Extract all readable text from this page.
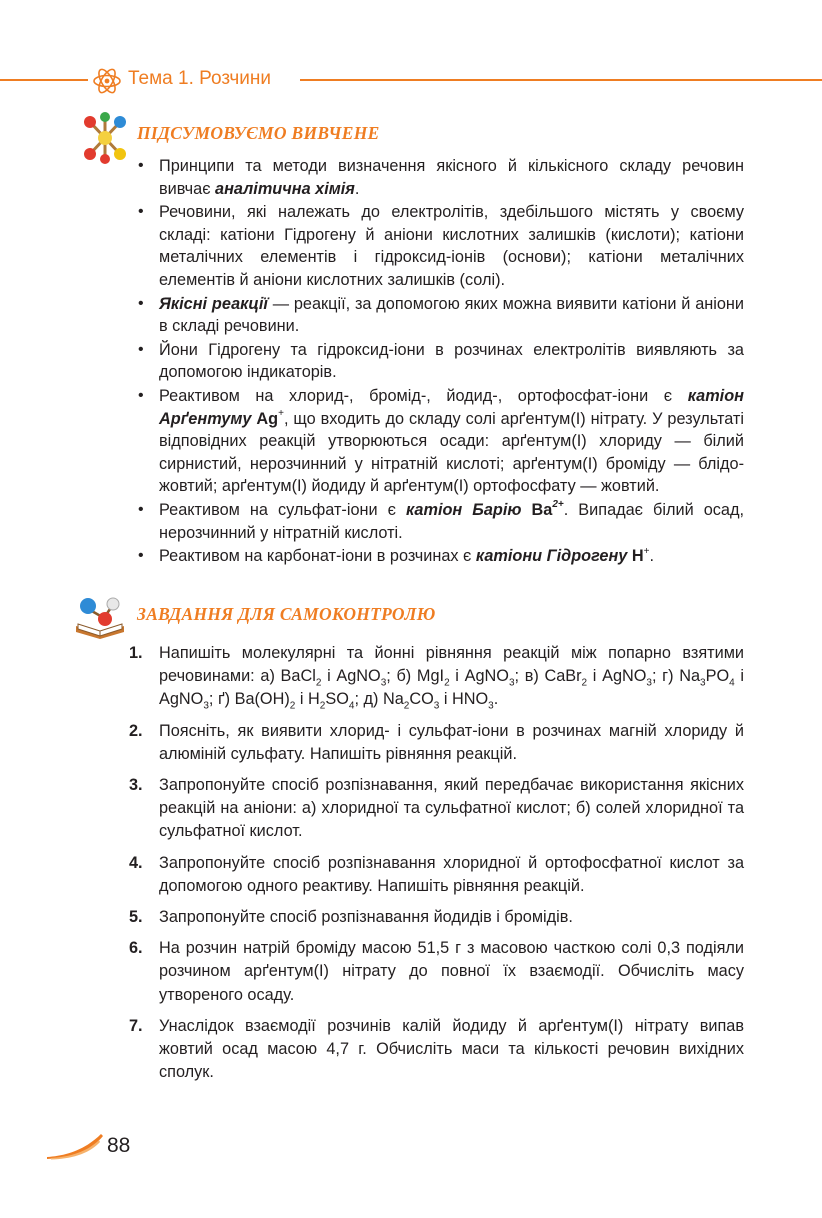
Тема 1. Розчини
ПІДСУМОВУЄМО ВИВЧЕНЕ
• Принципи та методи визначення якісного й кількісного складу речовин вивчає аналітична хімія.
• Речовини, які належать до електролітів, здебільшого містять у своєму складі: катіони Гідрогену й аніони кислотних залишків (кислоти); катіони металічних елементів і гідроксид-іонів (основи); катіони металічних елементів й аніони кислотних залишків (солі).
• Якісні реакції — реакції, за допомогою яких можна виявити катіони й аніони в складі речовини.
• Йони Гідрогену та гідроксид-іони в розчинах електролітів виявляють за допомогою індикаторів.
• Реактивом на хлорид-, бромід-, йодид-, ортофосфат-іони є катіон Арґентуму Ag+, що входить до складу солі арґентум(I) нітрату. У результаті відповідних реакцій утворюються осади: арґентум(I) хлориду — білий сирнистий, нерозчинний у нітратній кислоті; арґентум(I) броміду — блідо-жовтий; арґентум(I) йодиду й арґентум(I) ортофосфату — жовтий.
• Реактивом на сульфат-іони є катіон Барію $Ba^{2+}$. Випадає білий осад, нерозчинний у нітратній кислоті.
• Реактивом на карбонат-іони в розчинах є катіони Гідрогену H+.
ЗАВДАННЯ ДЛЯ САМОКОНТРОЛЮ
1. Напишіть молекулярні та йонні рівняння реакцій між попарно взятими речовинами: а) BaCl$_2$ і AgNO$_3$; б) MgI$_2$ і AgNO$_3$; в) CaBr$_2$ і AgNO$_3$; г) $Na_3PO_4$ і AgNO$_3$; ґ) $Ba(OH)_2$ і $H_2SO_4$; д) $Na_2CO_3$ і $HNO_3$.
2. Поясніть, як виявити хлорид- і сульфат-іони в розчинах магній хлориду й алюміній сульфату. Напишіть рівняння реакцій.
3. Запропонуйте спосіб розпізнавання, який передбачає використання якісних реакцій на аніони: а) хлоридної та сульфатної кислот; б) солей хлоридної та сульфатної кислот.
4. Запропонуйте спосіб розпізнавання хлоридної й ортофосфатної кислот за допомогою одного реактиву. Напишіть рівняння реакцій.
5. Запропонуйте спосіб розпізнавання йодидів і бромідів.
6. На розчин натрій броміду масою 51,5 г з масовою часткою солі 0,3 подіяли розчином арґентум(I) нітрату до повної їх взаємодії. Обчисліть масу утвореного осаду.
7. Унаслідок взаємодії розчинів калій йодиду й арґентум(I) нітрату випав жовтий осад масою 4,7 г. Обчисліть маси та кількості речовин вихідних сполук.
88
